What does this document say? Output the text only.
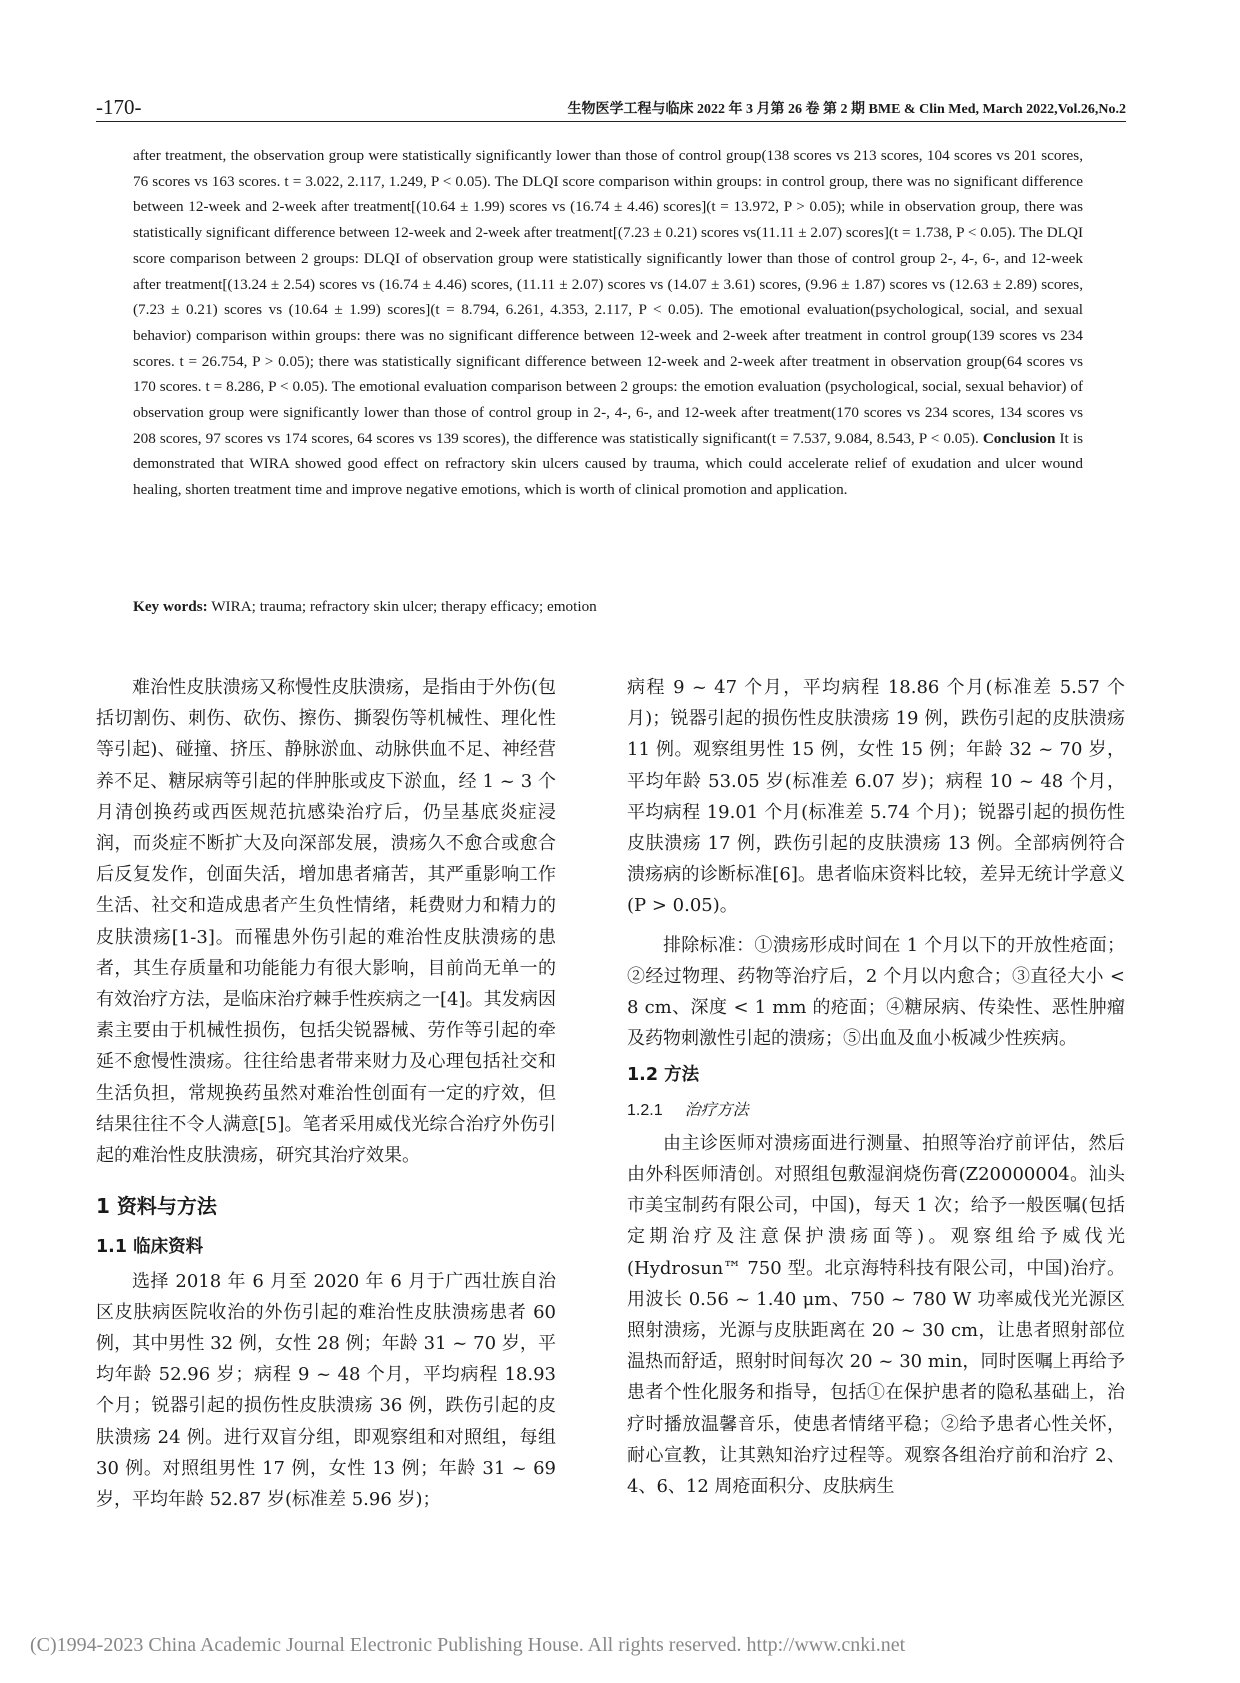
-170-	生物医学工程与临床 2022 年 3 月第 26 卷 第 2 期 BME & Clin Med, March 2022,Vol.26,No.2

after treatment, the observation group were statistically significantly lower than those of control group(138 scores vs 213 scores, 104 scores vs 201 scores, 76 scores vs 163 scores. t = 3.022, 2.117, 1.249, P < 0.05). The DLQI score comparison within groups: in control group, there was no significant difference between 12-week and 2-week after treatment[(10.64 ± 1.99) scores vs (16.74 ± 4.46) scores](t = 13.972, P > 0.05); while in observation group, there was statistically significant difference between 12-week and 2-week after treatment[(7.23 ± 0.21) scores vs(11.11 ± 2.07) scores](t = 1.738, P < 0.05). The DLQI score comparison between 2 groups: DLQI of observation group were statistically significantly lower than those of control group 2-, 4-, 6-, and 12-week after treatment[(13.24 ± 2.54) scores vs (16.74 ± 4.46) scores, (11.11 ± 2.07) scores vs (14.07 ± 3.61) scores, (9.96 ± 1.87) scores vs (12.63 ± 2.89) scores, (7.23 ± 0.21) scores vs (10.64 ± 1.99) scores](t = 8.794, 6.261, 4.353, 2.117, P < 0.05). The emotional evaluation(psychological, social, and sexual behavior) comparison within groups: there was no significant difference between 12-week and 2-week after treatment in control group(139 scores vs 234 scores. t = 26.754, P > 0.05); there was statistically significant difference between 12-week and 2-week after treatment in observation group(64 scores vs 170 scores. t = 8.286, P < 0.05). The emotional evaluation comparison between 2 groups: the emotion evaluation (psychological, social, sexual behavior) of observation group were significantly lower than those of control group in 2-, 4-, 6-, and 12-week after treatment(170 scores vs 234 scores, 134 scores vs 208 scores, 97 scores vs 174 scores, 64 scores vs 139 scores), the difference was statistically significant(t = 7.537, 9.084, 8.543, P < 0.05). Conclusion It is demonstrated that WIRA showed good effect on refractory skin ulcers caused by trauma, which could accelerate relief of exudation and ulcer wound healing, shorten treatment time and improve negative emotions, which is worth of clinical promotion and application.

Key words: WIRA; trauma; refractory skin ulcer; therapy efficacy; emotion

难治性皮肤溃疡又称慢性皮肤溃疡，是指由于外伤(包括切割伤、刺伤、砍伤、擦伤、撕裂伤等机械性、理化性等引起)、碰撞、挤压、静脉淤血、动脉供血不足、神经营养不足、糖尿病等引起的伴肿胀或皮下淤血，经 1 ~ 3 个月清创换药或西医规范抗感染治疗后，仍呈基底炎症浸润，而炎症不断扩大及向深部发展，溃疡久不愈合或愈合后反复发作，创面失活，增加患者痛苦，其严重影响工作生活、社交和造成患者产生负性情绪，耗费财力和精力的皮肤溃疡[1-3]。而罹患外伤引起的难治性皮肤溃疡的患者，其生存质量和功能能力有很大影响，目前尚无单一的有效治疗方法，是临床治疗棘手性疾病之一[4]。其发病因素主要由于机械性损伤，包括尖锐器械、劳作等引起的牵延不愈慢性溃疡。往往给患者带来财力及心理包括社交和生活负担，常规换药虽然对难治性创面有一定的疗效，但结果往往不令人满意[5]。笔者采用威伐光综合治疗外伤引起的难治性皮肤溃疡，研究其治疗效果。

1 资料与方法

1.1 临床资料

选择 2018 年 6 月至 2020 年 6 月于广西壮族自治区皮肤病医院收治的外伤引起的难治性皮肤溃疡患者 60 例，其中男性 32 例，女性 28 例；年龄 31 ~ 70 岁，平均年龄 52.96 岁；病程 9 ~ 48 个月，平均病程 18.93 个月；锐器引起的损伤性皮肤溃疡 36 例，跌伤引起的皮肤溃疡 24 例。进行双盲分组，即观察组和对照组，每组 30 例。对照组男性 17 例，女性 13 例；年龄 31 ~ 69 岁，平均年龄 52.87 岁(标准差 5.96 岁)；

病程 9 ~ 47 个月，平均病程 18.86 个月(标准差 5.57 个月)；锐器引起的损伤性皮肤溃疡 19 例，跌伤引起的皮肤溃疡 11 例。观察组男性 15 例，女性 15 例；年龄 32 ~ 70 岁，平均年龄 53.05 岁(标准差 6.07 岁)；病程 10 ~ 48 个月，平均病程 19.01 个月(标准差 5.74 个月)；锐器引起的损伤性皮肤溃疡 17 例，跌伤引起的皮肤溃疡 13 例。全部病例符合溃疡病的诊断标准[6]。患者临床资料比较，差异无统计学意义(P > 0.05)。

排除标准：①溃疡形成时间在 1 个月以下的开放性疮面；②经过物理、药物等治疗后，2 个月以内愈合；③直径大小 < 8 cm、深度 < 1 mm 的疮面；④糖尿病、传染性、恶性肿瘤及药物刺激性引起的溃疡；⑤出血及血小板减少性疾病。

1.2 方法

1.2.1 治疗方法

由主诊医师对溃疡面进行测量、拍照等治疗前评估，然后由外科医师清创。对照组包敷湿润烧伤膏(Z20000004。汕头市美宝制药有限公司，中国)，每天 1 次；给予一般医嘱(包括定期治疗及注意保护溃疡面等)。观察组给予威伐光(Hydrosun™ 750 型。北京海特科技有限公司，中国)治疗。用波长 0.56 ~ 1.40 μm、750 ~ 780 W 功率威伐光光源区照射溃疡，光源与皮肤距离在 20 ~ 30 cm，让患者照射部位温热而舒适，照射时间每次 20 ~ 30 min，同时医嘱上再给予患者个性化服务和指导，包括①在保护患者的隐私基础上，治疗时播放温馨音乐，使患者情绪平稳；②给予患者心性关怀，耐心宣教，让其熟知治疗过程等。观察各组治疗前和治疗 2、4、6、12 周疮面积分、皮肤病生

(C)1994-2023 China Academic Journal Electronic Publishing House. All rights reserved. http://www.cnki.net
